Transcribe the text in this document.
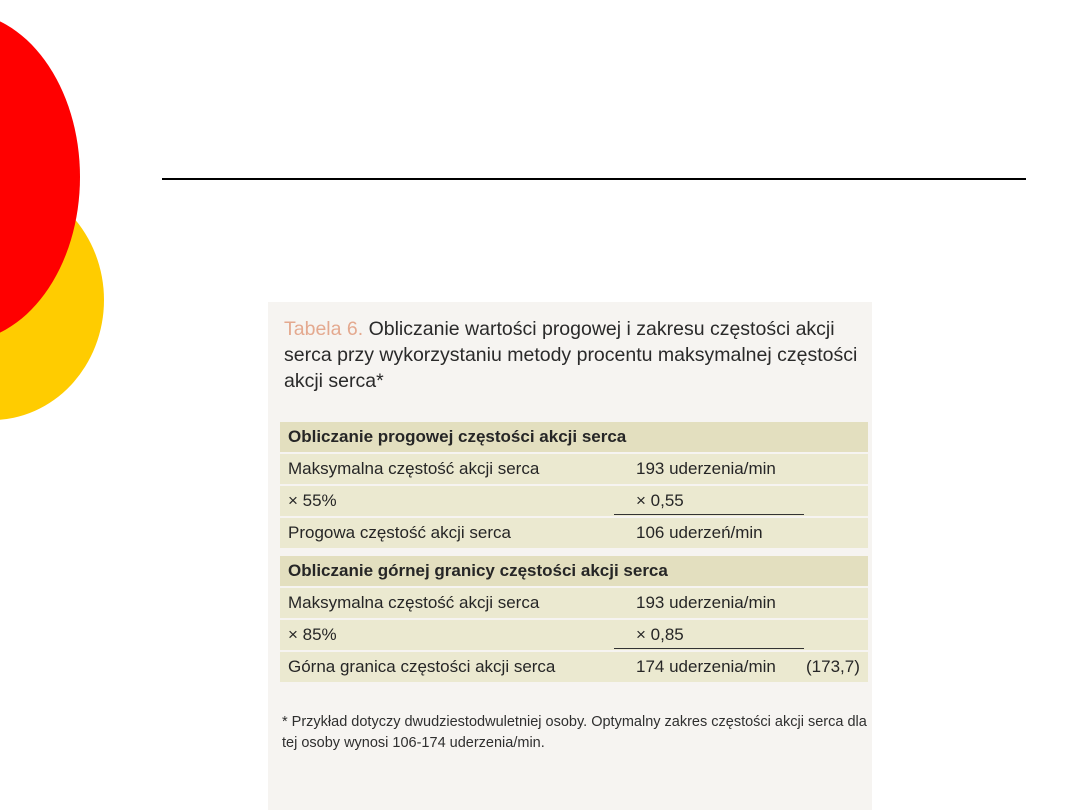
Tabela 6. Obliczanie wartości progowej i zakresu częstości akcji serca przy wykorzystaniu metody procentu maksymalnej częstości akcji serca*
Obliczanie progowej częstości akcji serca
Maksymalna częstość akcji serca	193 uderzenia/min
× 55%	× 0,55
Progowa częstość akcji serca	106 uderzeń/min
Obliczanie górnej granicy częstości akcji serca
Maksymalna częstość akcji serca	193 uderzenia/min
× 85%	× 0,85
Górna granica częstości akcji serca	174 uderzenia/min (173,7)
* Przykład dotyczy dwudziestodwuletniej osoby. Optymalny zakres częstości akcji serca dla tej osoby wynosi 106-174 uderzenia/min.
